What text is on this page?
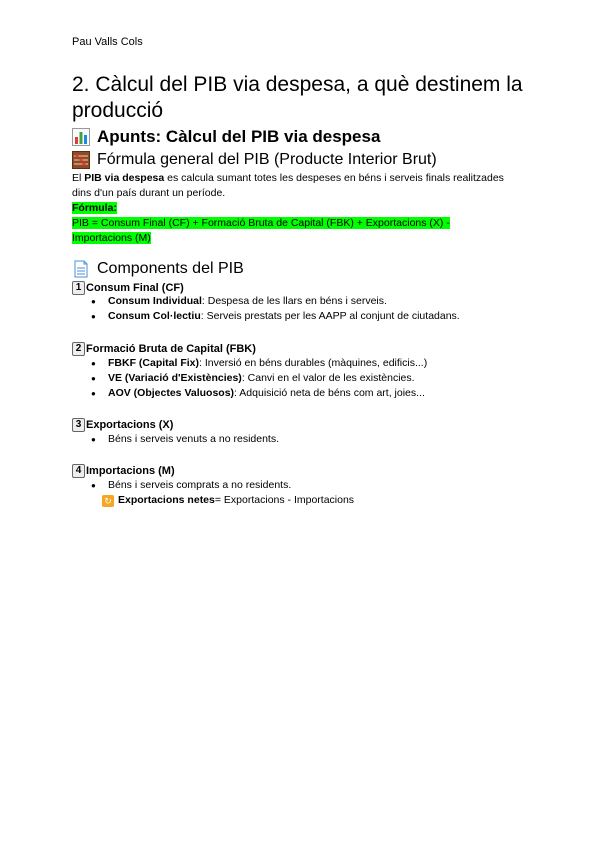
Pau Valls Cols
2. Càlcul del PIB via despesa, a què destinem la producció
Apunts: Càlcul del PIB via despesa
Fórmula general del PIB (Producte Interior Brut)
El PIB via despesa es calcula sumant totes les despeses en béns i serveis finals realitzades dins d'un país durant un període.
Fórmula:
PIB = Consum Final (CF) + Formació Bruta de Capital (FBK) + Exportacions (X) - Importacions (M)
Components del PIB
1 Consum Final (CF)
● Consum Individual: Despesa de les llars en béns i serveis.
● Consum Col·lectiu: Serveis prestats per les AAPP al conjunt de ciutadans.
2 Formació Bruta de Capital (FBK)
● FBKF (Capital Fix): Inversió en béns durables (màquines, edificis...)
● VE (Variació d'Existències): Canvi en el valor de les existències.
● AOV (Objectes Valuosos): Adquisició neta de béns com art, joies...
3 Exportacions (X)
● Béns i serveis venuts a no residents.
4 Importacions (M)
● Béns i serveis comprats a no residents.
↻ Exportacions netes = Exportacions - Importacions
